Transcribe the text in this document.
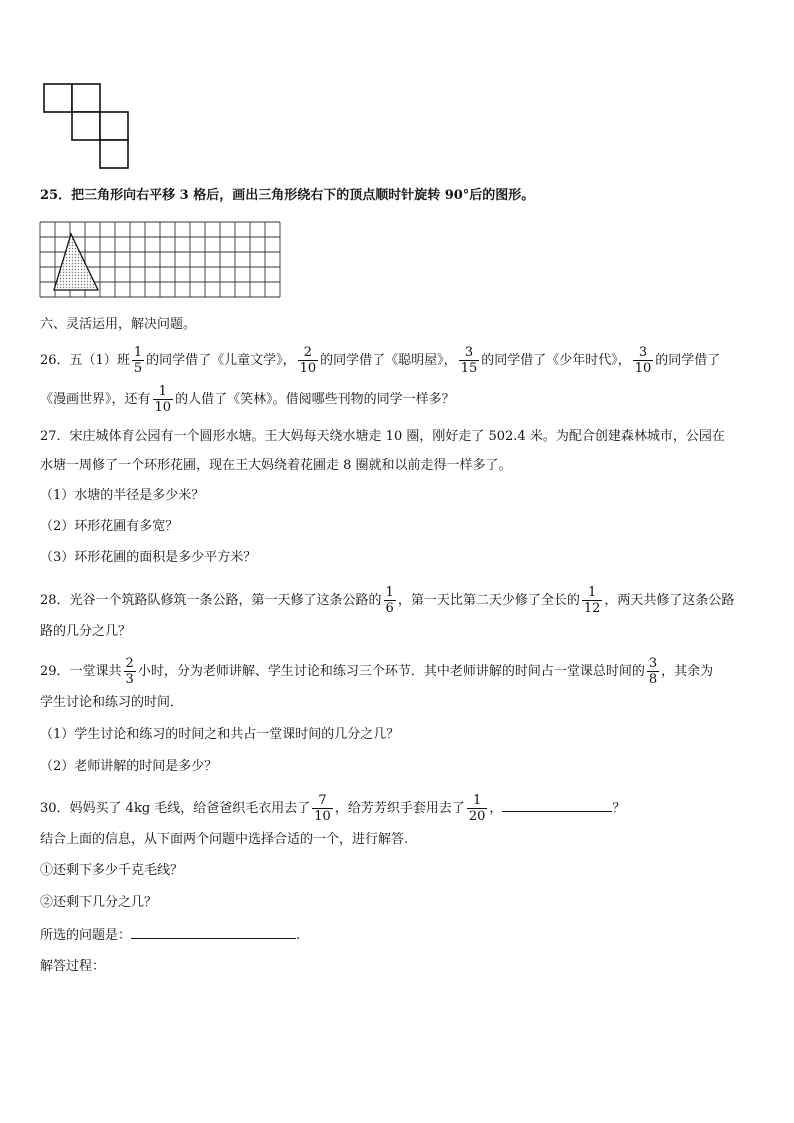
25．把三角形向右平移 3 格后，画出三角形绕右下的顶点顺时针旋转 90°后的图形。
六、灵活运用，解决问题。
26．五（1）班 $\frac{1}{5}$ 的同学借了《儿童文学》， $\frac{2}{10}$ 的同学借了《聪明屋》， $\frac{3}{15}$ 的同学借了《少年时代》， $\frac{3}{10}$ 的同学借了
《漫画世界》，还有 $\frac{1}{10}$ 的人借了《笑林》。借阅哪些刊物的同学一样多？
27．宋庄城体育公园有一个圆形水塘。王大妈每天绕水塘走 10 圈，刚好走了 502.4 米。为配合创建森林城市，公园在
水塘一周修了一个环形花圃，现在王大妈绕着花圃走 8 圈就和以前走得一样多了。
（1）水塘的半径是多少米？
（2）环形花圃有多宽？
（3）环形花圃的面积是多少平方米？
28．光谷一个筑路队修筑一条公路，第一天修了这条公路的 $\frac{1}{6}$ ，第一天比第二天少修了全长的 $\frac{1}{12}$ ，两天共修了这条公路
路的几分之几？
29．一堂课共 $\frac{2}{3}$ 小时，分为老师讲解、学生讨论和练习三个环节．其中老师讲解的时间占一堂课总时间的 $\frac{3}{8}$ ，其余为
学生讨论和练习的时间．
（1）学生讨论和练习的时间之和共占一堂课时间的几分之几？
（2）老师讲解的时间是多少？
30．妈妈买了 4kg 毛线，给爸爸织毛衣用去了 $\frac{7}{10}$ ，给芳芳织手套用去了 $\frac{1}{20}$ ，	？
结合上面的信息，从下面两个问题中选择合适的一个，进行解答.
①还剩下多少千克毛线？
②还剩下几分之几？
所选的问题是：	.
解答过程：
